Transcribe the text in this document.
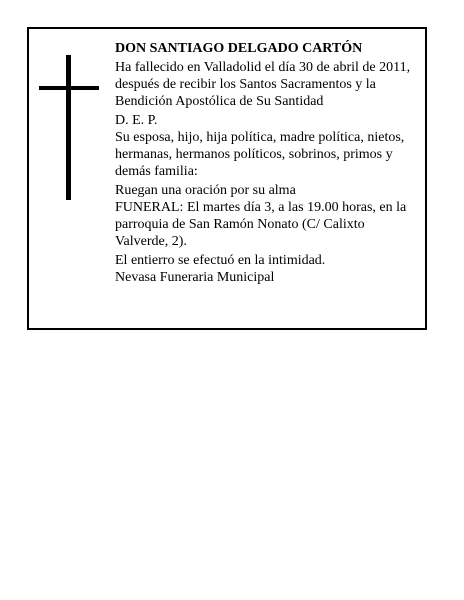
DON SANTIAGO DELGADO CARTÓN

Ha fallecido en Valladolid el día 30 de abril de 2011, después de recibir los Santos Sacramentos y la Bendición Apostólica de Su Santidad

D. E. P.

Su esposa, hijo, hija política, madre política, nietos, hermanas, hermanos políticos, sobrinos, primos y demás familia:

Ruegan una oración por su alma

FUNERAL: El martes día 3, a las 19.00 horas, en la parroquia de San Ramón Nonato (C/ Calixto Valverde, 2).

El entierro se efectuó en la intimidad.

Nevasa Funeraria Municipal
